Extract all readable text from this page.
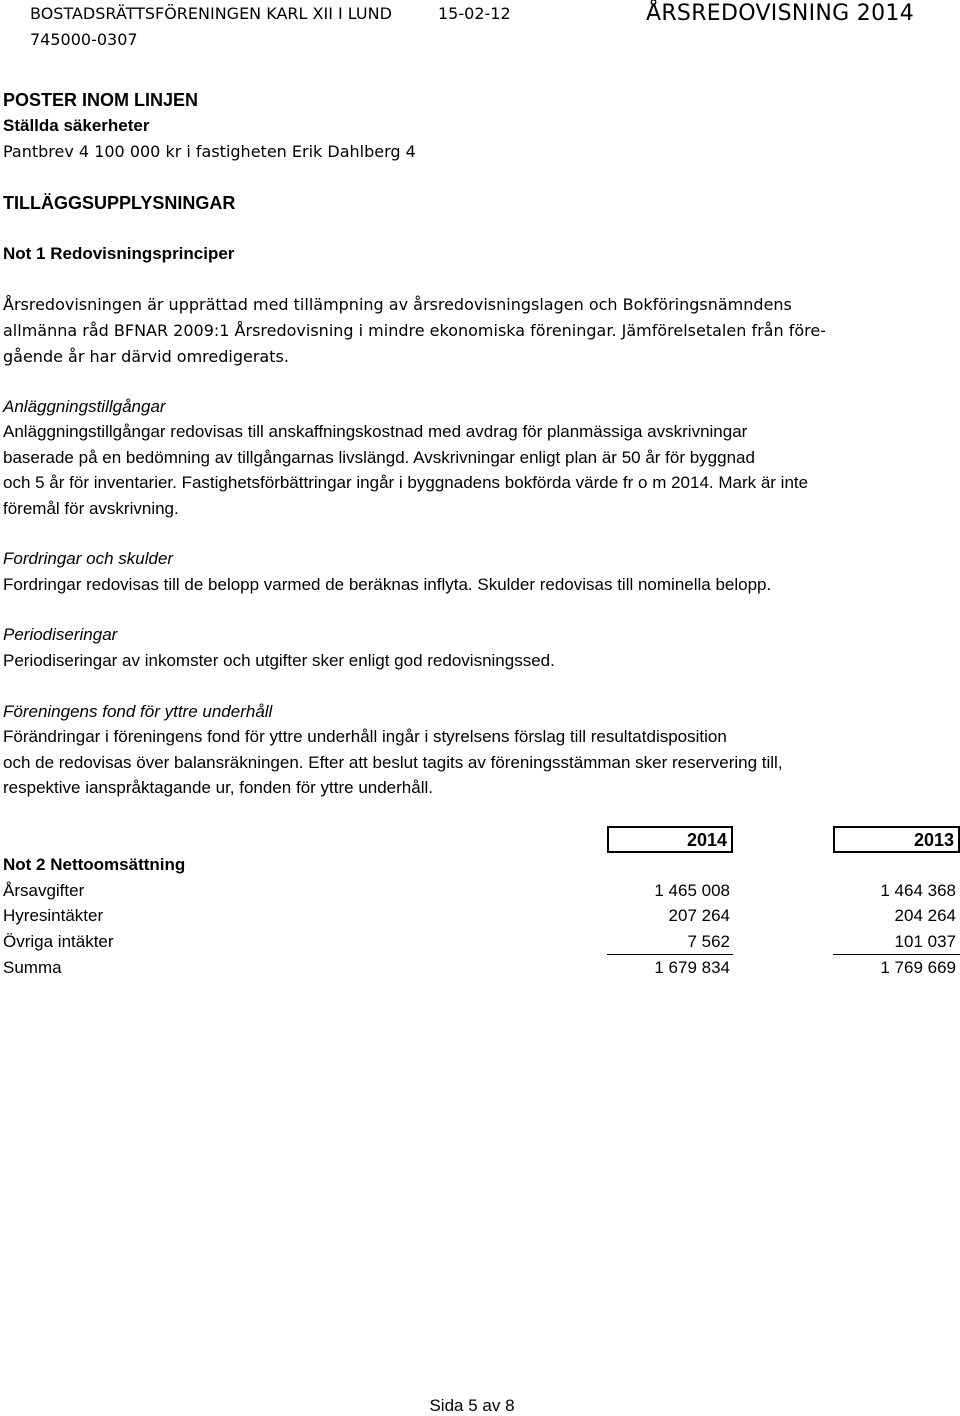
BOSTADSRÄTTSFÖRENINGEN KARL XII I LUND	15-02-12	ÅRSREDOVISNING 2014
745000-0307
POSTER INOM LINJEN
Ställda säkerheter
Pantbrev 4 100 000 kr i fastigheten Erik Dahlberg 4
TILLÄGGSUPPLYSNINGAR
Not 1 Redovisningsprinciper
Årsredovisningen är upprättad med tillämpning av årsredovisningslagen och Bokföringsnämndens
allmänna råd BFNAR 2009:1 Årsredovisning i mindre ekonomiska föreningar. Jämförelsetalen från före-
gående år har därvid omredigerats.
Anläggningstillgångar
Anläggningstillgångar redovisas till anskaffningskostnad med avdrag för planmässiga avskrivningar
baserade på en bedömning av tillgångarnas livslängd. Avskrivningar enligt plan är 50 år för byggnad
och 5 år för inventarier. Fastighetsförbättringar ingår i byggnadens bokförda värde fr o m 2014. Mark är inte
föremål för avskrivning.
Fordringar och skulder
Fordringar redovisas till de belopp varmed de beräknas inflyta. Skulder redovisas till nominella belopp.
Periodiseringar
Periodiseringar av inkomster och utgifter sker enligt god redovisningssed.
Föreningens fond för yttre underhåll
Förändringar i föreningens fond för yttre underhåll ingår i styrelsens förslag till resultatdisposition
och de redovisas över balansräkningen. Efter att beslut tagits av föreningsstämman sker reservering till,
respektive ianspråktagande ur, fonden för yttre underhåll.
2014	2013
Not 2 Nettoomsättning
Årsavgifter	1 465 008	1 464 368
Hyresintäkter	207 264	204 264
Övriga intäkter	7 562	101 037
Summa	1 679 834	1 769 669
Sida 5 av 8
